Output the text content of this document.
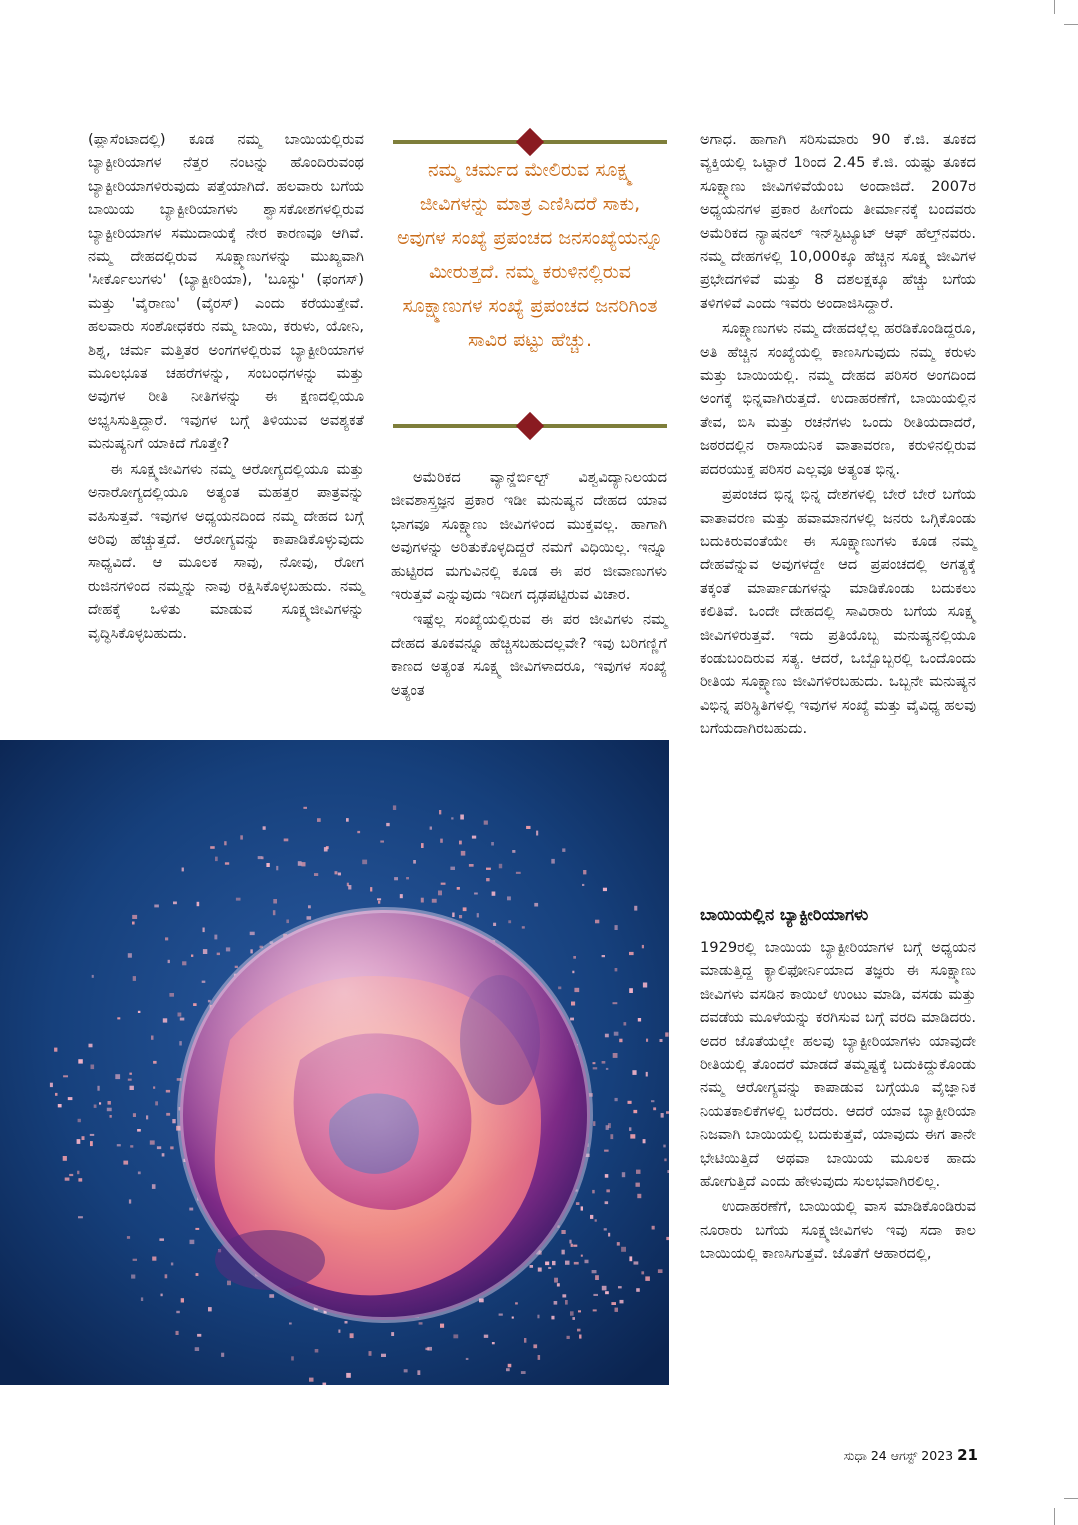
(ಪ್ಲಾಸೆಂಟಾದಲ್ಲಿ) ಕೂಡ ನಮ್ಮ ಬಾಯಿಯಲ್ಲಿರುವ ಬ್ಯಾಕ್ಟೀರಿಯಾಗಳ ನೆತ್ತರ ನಂಟನ್ನು ಹೊಂದಿರುವಂಥ ಬ್ಯಾಕ್ಟೀರಿಯಾಗಳಿರುವುದು ಪತ್ತೆಯಾಗಿದೆ. ಹಲವಾರು ಬಗೆಯ ಬಾಯಿಯ ಬ್ಯಾಕ್ಟೀರಿಯಾಗಳು ಶ್ವಾಸಕೋಶಗಳಲ್ಲಿರುವ ಬ್ಯಾಕ್ಟೀರಿಯಾಗಳ ಸಮುದಾಯಕ್ಕೆ ನೇರ ಕಾರಣವೂ ಆಗಿವೆ. ನಮ್ಮ ದೇಹದಲ್ಲಿರುವ ಸೂಕ್ಷ್ಮಾಣುಗಳನ್ನು ಮುಖ್ಯವಾಗಿ 'ಸೀರ್ಕೊಲುಗಳು' (ಬ್ಯಾಕ್ಟೀರಿಯಾ), 'ಬೂಸ್ಟು' (ಫಂಗಸ್) ಮತ್ತು 'ವೈರಾಣು' (ವೈರಸ್) ಎಂದು ಕರೆಯುತ್ತೇವೆ. ಹಲವಾರು ಸಂಶೋಧಕರು ನಮ್ಮ ಬಾಯಿ, ಕರುಳು, ಯೋನಿ, ಶಿಶ್ನ, ಚರ್ಮ ಮತ್ತಿತರ ಅಂಗಗಳಲ್ಲಿರುವ ಬ್ಯಾಕ್ಟೀರಿಯಾಗಳ ಮೂಲಭೂತ ಚಹರೆಗಳನ್ನು, ಸಂಬಂಧಗಳನ್ನು ಮತ್ತು ಅವುಗಳ ರೀತಿ ನೀತಿಗಳನ್ನು ಈ ಕ್ಷಣದಲ್ಲಿಯೂ ಅಭ್ಯಸಿಸುತ್ತಿದ್ದಾರೆ. ಇವುಗಳ ಬಗ್ಗೆ ತಿಳಿಯುವ ಅವಶ್ಯಕತೆ ಮನುಷ್ಯನಿಗೆ ಯಾಕಿದೆ ಗೊತ್ತೇ?

ಈ ಸೂಕ್ಷ್ಮಜೀವಿಗಳು ನಮ್ಮ ಆರೋಗ್ಯದಲ್ಲಿಯೂ ಮತ್ತು ಅನಾರೋಗ್ಯದಲ್ಲಿಯೂ ಅತ್ಯಂತ ಮಹತ್ತರ ಪಾತ್ರವನ್ನು ವಹಿಸುತ್ತವೆ. ಇವುಗಳ ಅಧ್ಯಯನದಿಂದ ನಮ್ಮ ದೇಹದ ಬಗ್ಗೆ ಅರಿವು ಹೆಚ್ಚುತ್ತದೆ. ಆರೋಗ್ಯವನ್ನು ಕಾಪಾಡಿಕೊಳ್ಳುವುದು ಸಾಧ್ಯವಿದೆ. ಆ ಮೂಲಕ ಸಾವು, ನೋವು, ರೋಗ ರುಜಿನಗಳಿಂದ ನಮ್ಮನ್ನು ನಾವು ರಕ್ಷಿಸಿಕೊಳ್ಳಬಹುದು. ನಮ್ಮ ದೇಹಕ್ಕೆ ಒಳಿತು ಮಾಡುವ ಸೂಕ್ಷ್ಮಜೀವಿಗಳನ್ನು ವೃದ್ಧಿಸಿಕೊಳ್ಳಬಹುದು.

ನಮ್ಮ ಚರ್ಮದ ಮೇಲಿರುವ ಸೂಕ್ಷ್ಮ ಜೀವಿಗಳನ್ನು ಮಾತ್ರ ಎಣಿಸಿದರೆ ಸಾಕು, ಅವುಗಳ ಸಂಖ್ಯೆ ಪ್ರಪಂಚದ ಜನಸಂಖ್ಯೆಯನ್ನೂ ಮೀರುತ್ತದೆ. ನಮ್ಮ ಕರುಳಿನಲ್ಲಿರುವ ಸೂಕ್ಷ್ಮಾಣುಗಳ ಸಂಖ್ಯೆ ಪ್ರಪಂಚದ ಜನರಿಗಿಂತ ಸಾವಿರ ಪಟ್ಟು ಹೆಚ್ಚು.

ಅಮೆರಿಕದ ವ್ಯಾನ್ಡೆರ್ಬಿಲ್ಟ್ ವಿಶ್ವವಿದ್ಯಾನಿಲಯದ ಜೀವಶಾಸ್ತ್ರಜ್ಞನ ಪ್ರಕಾರ ಇಡೀ ಮನುಷ್ಯನ ದೇಹದ ಯಾವ ಭಾಗವೂ ಸೂಕ್ಷ್ಮಾಣು ಜೀವಿಗಳಿಂದ ಮುಕ್ತವಲ್ಲ. ಹಾಗಾಗಿ ಅವುಗಳನ್ನು ಅರಿತುಕೊಳ್ಳದಿದ್ದರೆ ನಮಗೆ ವಿಧಿಯಿಲ್ಲ. ಇನ್ನೂ ಹುಟ್ಟಿರದ ಮಗುವಿನಲ್ಲಿ ಕೂಡ ಈ ಪರ ಜೀವಾಣುಗಳು ಇರುತ್ತವೆ ಎನ್ನುವುದು ಇದೀಗ ದೃಢಪಟ್ಟಿರುವ ವಿಚಾರ.

ಇಷ್ಟೆಲ್ಲ ಸಂಖ್ಯೆಯಲ್ಲಿರುವ ಈ ಪರ ಜೀವಿಗಳು ನಮ್ಮ ದೇಹದ ತೂಕವನ್ನೂ ಹೆಚ್ಚಿಸಬಹುದಲ್ಲವೇ? ಇವು ಬರಿಗಣ್ಣಿಗೆ ಕಾಣದ ಅತ್ಯಂತ ಸೂಕ್ಷ್ಮ ಜೀವಿಗಳಾದರೂ, ಇವುಗಳ ಸಂಖ್ಯೆ ಅತ್ಯಂತ

ಅಗಾಧ. ಹಾಗಾಗಿ ಸರಿಸುಮಾರು 90 ಕೆ.ಜಿ. ತೂಕದ ವ್ಯಕ್ತಿಯಲ್ಲಿ ಒಟ್ಟಾರೆ 1ರಿಂದ 2.45 ಕೆ.ಜಿ. ಯಷ್ಟು ತೂಕದ ಸೂಕ್ಷ್ಮಾಣು ಜೀವಿಗಳಿವೆಯೆಂಬ ಅಂದಾಜಿದೆ. 2007ರ ಅಧ್ಯಯನಗಳ ಪ್ರಕಾರ ಹೀಗೆಂದು ತೀರ್ಮಾನಕ್ಕೆ ಬಂದವರು ಅಮೆರಿಕದ ನ್ಯಾಷನಲ್ ಇನ್‌ಸ್ಟಿಟ್ಯೂಟ್ ಆಫ್ ಹೆಲ್ತ್‌ನವರು. ನಮ್ಮ ದೇಹಗಳಲ್ಲಿ 10,000ಕ್ಕೂ ಹೆಚ್ಚಿನ ಸೂಕ್ಷ್ಮ ಜೀವಿಗಳ ಪ್ರಭೇದಗಳಿವೆ ಮತ್ತು 8 ದಶಲಕ್ಷಕ್ಕೂ ಹೆಚ್ಚು ಬಗೆಯ ತಳಿಗಳಿವೆ ಎಂದು ಇವರು ಅಂದಾಜಿಸಿದ್ದಾರೆ.

ಸೂಕ್ಷ್ಮಾಣುಗಳು ನಮ್ಮ ದೇಹದಲ್ಲೆಲ್ಲ ಹರಡಿಕೊಂಡಿದ್ದರೂ, ಅತಿ ಹೆಚ್ಚಿನ ಸಂಖ್ಯೆಯಲ್ಲಿ ಕಾಣಸಿಗುವುದು ನಮ್ಮ ಕರುಳು ಮತ್ತು ಬಾಯಿಯಲ್ಲಿ. ನಮ್ಮ ದೇಹದ ಪರಿಸರ ಅಂಗದಿಂದ ಅಂಗಕ್ಕೆ ಭಿನ್ನವಾಗಿರುತ್ತದೆ. ಉದಾಹರಣೆಗೆ, ಬಾಯಿಯಲ್ಲಿನ ತೇವ, ಬಿಸಿ ಮತ್ತು ರಚನೆಗಳು ಒಂದು ರೀತಿಯದಾದರೆ, ಜಠರದಲ್ಲಿನ ರಾಸಾಯನಿಕ ವಾತಾವರಣ, ಕರುಳಿನಲ್ಲಿರುವ ಪದರಯುಕ್ತ ಪರಿಸರ ಎಲ್ಲವೂ ಅತ್ಯಂತ ಭಿನ್ನ.

ಪ್ರಪಂಚದ ಭಿನ್ನ ಭಿನ್ನ ದೇಶಗಳಲ್ಲಿ ಬೇರೆ ಬೇರೆ ಬಗೆಯ ವಾತಾವರಣ ಮತ್ತು ಹವಾಮಾನಗಳಲ್ಲಿ ಜನರು ಒಗ್ಗಿಕೊಂಡು ಬದುಕಿರುವಂತೆಯೇ ಈ ಸೂಕ್ಷ್ಮಾಣುಗಳು ಕೂಡ ನಮ್ಮ ದೇಹವೆನ್ನುವ ಅವುಗಳದ್ದೇ ಆದ ಪ್ರಪಂಚದಲ್ಲಿ ಅಗತ್ಯಕ್ಕೆ ತಕ್ಕಂತೆ ಮಾರ್ಪಾಡುಗಳನ್ನು ಮಾಡಿಕೊಂಡು ಬದುಕಲು ಕಲಿತಿವೆ. ಒಂದೇ ದೇಹದಲ್ಲಿ ಸಾವಿರಾರು ಬಗೆಯ ಸೂಕ್ಷ್ಮ ಜೀವಿಗಳಿರುತ್ತವೆ. ಇದು ಪ್ರತಿಯೊಬ್ಬ ಮನುಷ್ಯನಲ್ಲಿಯೂ ಕಂಡುಬಂದಿರುವ ಸತ್ಯ. ಆದರೆ, ಒಬ್ಬೊಬ್ಬರಲ್ಲಿ ಒಂದೊಂದು ರೀತಿಯ ಸೂಕ್ಷ್ಮಾಣು ಜೀವಿಗಳಿರಬಹುದು. ಒಬ್ಬನೇ ಮನುಷ್ಯನ ವಿಭಿನ್ನ ಪರಿಸ್ಥಿತಿಗಳಲ್ಲಿ ಇವುಗಳ ಸಂಖ್ಯೆ ಮತ್ತು ವೈವಿಧ್ಯ ಹಲವು ಬಗೆಯದಾಗಿರಬಹುದು.

ಬಾಯಿಯಲ್ಲಿನ ಬ್ಯಾಕ್ಟೀರಿಯಾಗಳು

1929ರಲ್ಲಿ ಬಾಯಿಯ ಬ್ಯಾಕ್ಟೀರಿಯಾಗಳ ಬಗ್ಗೆ ಅಧ್ಯಯನ ಮಾಡುತ್ತಿದ್ದ ಕ್ಯಾಲಿಫೋರ್ನಿಯಾದ ತಜ್ಞರು ಈ ಸೂಕ್ಷ್ಮಾಣು ಜೀವಿಗಳು ವಸಡಿನ ಕಾಯಿಲೆ ಉಂಟು ಮಾಡಿ, ವಸಡು ಮತ್ತು ದವಡೆಯ ಮೂಳೆಯನ್ನು ಕರಗಿಸುವ ಬಗ್ಗೆ ವರದಿ ಮಾಡಿದರು. ಅದರ ಜೊತೆಯಲ್ಲೇ ಹಲವು ಬ್ಯಾಕ್ಟೀರಿಯಾಗಳು ಯಾವುದೇ ರೀತಿಯಲ್ಲಿ ತೊಂದರೆ ಮಾಡದೆ ತಮ್ಮಷ್ಟಕ್ಕೆ ಬದುಕಿದ್ದುಕೊಂಡು ನಮ್ಮ ಆರೋಗ್ಯವನ್ನು ಕಾಪಾಡುವ ಬಗ್ಗೆಯೂ ವೈಜ್ಞಾನಿಕ ನಿಯತಕಾಲಿಕೆಗಳಲ್ಲಿ ಬರೆದರು. ಆದರೆ ಯಾವ ಬ್ಯಾಕ್ಟೀರಿಯಾ ನಿಜವಾಗಿ ಬಾಯಿಯಲ್ಲಿ ಬದುಕುತ್ತವೆ, ಯಾವುದು ಈಗ ತಾನೇ ಭೇಟಿಯಿತ್ತಿದೆ ಅಥವಾ ಬಾಯಿಯ ಮೂಲಕ ಹಾದು ಹೋಗುತ್ತಿದೆ ಎಂದು ಹೇಳುವುದು ಸುಲಭವಾಗಿರಲಿಲ್ಲ.

ಉದಾಹರಣೆಗೆ, ಬಾಯಿಯಲ್ಲಿ ವಾಸ ಮಾಡಿಕೊಂಡಿರುವ ನೂರಾರು ಬಗೆಯ ಸೂಕ್ಷ್ಮಜೀವಿಗಳು ಇವು ಸದಾ ಕಾಲ ಬಾಯಿಯಲ್ಲಿ ಕಾಣಸಿಗುತ್ತವೆ. ಜೊತೆಗೆ ಆಹಾರದಲ್ಲಿ,

ಸುಧಾ 24 ಆಗಸ್ಟ್ 2023 21
